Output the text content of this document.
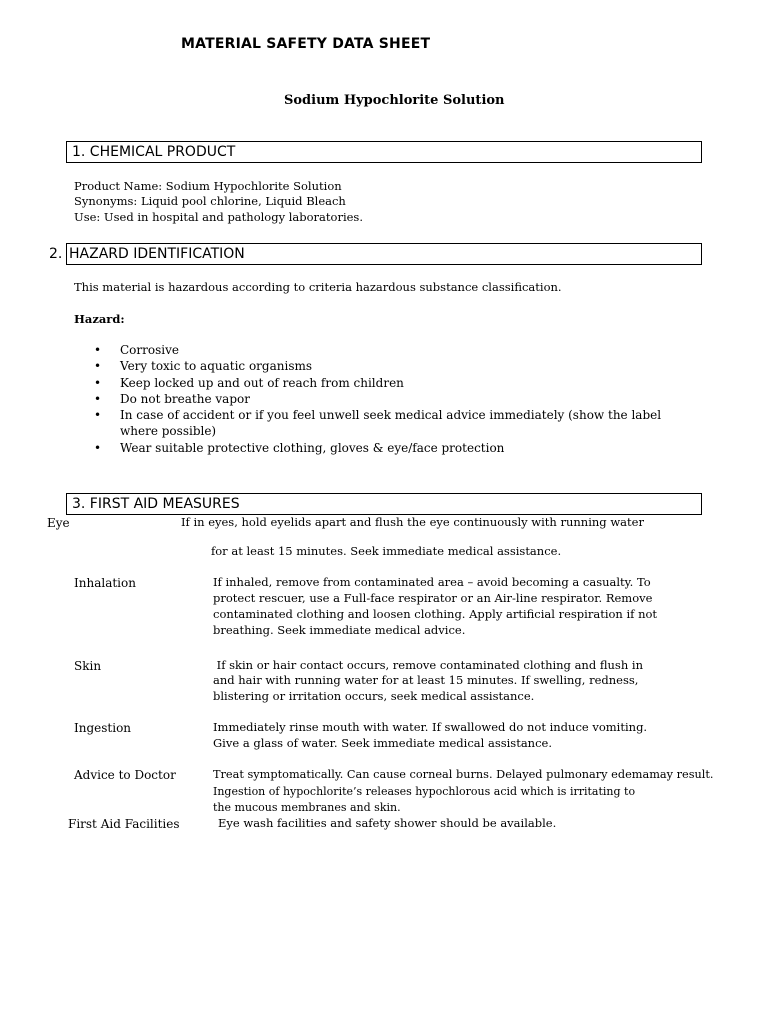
MATERIAL SAFETY DATA SHEET
Sodium Hypochlorite Solution
1. CHEMICAL PRODUCT
Product Name: Sodium Hypochlorite Solution
Synonyms: Liquid pool chlorine, Liquid Bleach
Use: Used in hospital and pathology laboratories.
2. HAZARD IDENTIFICATION
This material is hazardous according to criteria hazardous substance classification.
Hazard:
• Corrosive
• Very toxic to aquatic organisms
• Keep locked up and out of reach from children
• Do not breathe vapor
• In case of accident or if you feel unwell seek medical advice immediately (show the label
where possible)
• Wear suitable protective clothing, gloves & eye/face protection
3. FIRST AID MEASURES
Eye	If in eyes, hold eyelids apart and flush the eye continuously with running water
for at least 15 minutes. Seek immediate medical assistance.
Inhalation	If inhaled, remove from contaminated area – avoid becoming a casualty. To
protect rescuer, use a Full-face respirator or an Air-line respirator. Remove
contaminated clothing and loosen clothing. Apply artificial respiration if not
breathing. Seek immediate medical advice.
Skin	If skin or hair contact occurs, remove contaminated clothing and flush in
and hair with running water for at least 15 minutes. If swelling, redness,
blistering or irritation occurs, seek medical assistance.
Ingestion	Immediately rinse mouth with water. If swallowed do not induce vomiting.
Give a glass of water. Seek immediate medical assistance.
Advice to Doctor	Treat symptomatically. Can cause corneal burns. Delayed pulmonary edemamay result.
Ingestion of hypochlorite’s releases hypochlorous acid which is irritating to
the mucous membranes and skin.
First Aid Facilities	Eye wash facilities and safety shower should be available.
